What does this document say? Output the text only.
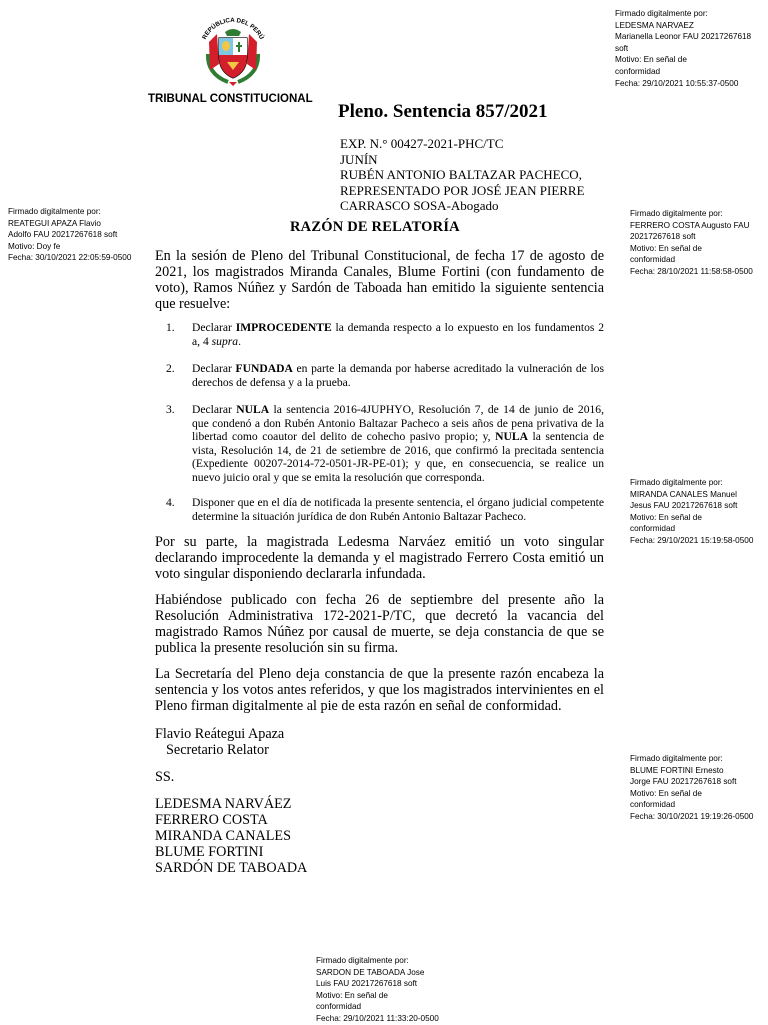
Firmado digitalmente por:
LEDESMA NARVAEZ
Marianella Leonor FAU 20217267618
soft
Motivo: En señal de
conformidad
Fecha: 29/10/2021 10:55:37-0500
Firmado digitalmente por:
REATEGUI APAZA Flavio
Adolfo FAU 20217267618 soft
Motivo: Doy fe
Fecha: 30/10/2021 22:05:59-0500
Firmado digitalmente por:
FERRERO COSTA Augusto FAU
20217267618 soft
Motivo: En señal de
conformidad
Fecha: 28/10/2021 11:58:58-0500
Firmado digitalmente por:
MIRANDA CANALES Manuel
Jesus FAU 20217267618 soft
Motivo: En señal de
conformidad
Fecha: 29/10/2021 15:19:58-0500
Firmado digitalmente por:
BLUME FORTINI Ernesto
Jorge FAU 20217267618 soft
Motivo: En señal de
conformidad
Fecha: 30/10/2021 19:19:26-0500
Firmado digitalmente por:
SARDON DE TABOADA Jose
Luis FAU 20217267618 soft
Motivo: En señal de
conformidad
Fecha: 29/10/2021 11:33:20-0500
REPÚBLICA DEL PERÚ
TRIBUNAL CONSTITUCIONAL
Pleno. Sentencia 857/2021
EXP. N.° 00427-2021-PHC/TC
JUNÍN
RUBÉN ANTONIO BALTAZAR PACHECO,
REPRESENTADO POR JOSÉ JEAN PIERRE
CARRASCO SOSA-Abogado
RAZÓN DE RELATORÍA
En la sesión de Pleno del Tribunal Constitucional, de fecha 17 de agosto de 2021, los magistrados Miranda Canales, Blume Fortini (con fundamento de voto), Ramos Núñez y Sardón de Taboada han emitido la siguiente sentencia que resuelve:
1. Declarar IMPROCEDENTE la demanda respecto a lo expuesto en los fundamentos 2 a, 4 supra.
2. Declarar FUNDADA en parte la demanda por haberse acreditado la vulneración de los derechos de defensa y a la prueba.
3. Declarar NULA la sentencia 2016-4JUPHYO, Resolución 7, de 14 de junio de 2016, que condenó a don Rubén Antonio Baltazar Pacheco a seis años de pena privativa de la libertad como coautor del delito de cohecho pasivo propio; y, NULA la sentencia de vista, Resolución 14, de 21 de setiembre de 2016, que confirmó la precitada sentencia (Expediente 00207-2014-72-0501-JR-PE-01); y que, en consecuencia, se realice un nuevo juicio oral y que se emita la resolución que corresponda.
4. Disponer que en el día de notificada la presente sentencia, el órgano judicial competente determine la situación jurídica de don Rubén Antonio Baltazar Pacheco.
Por su parte, la magistrada Ledesma Narváez emitió un voto singular declarando improcedente la demanda y el magistrado Ferrero Costa emitió un voto singular disponiendo declararla infundada.
Habiéndose publicado con fecha 26 de septiembre del presente año la Resolución Administrativa 172-2021-P/TC, que decretó la vacancia del magistrado Ramos Núñez por causal de muerte, se deja constancia de que se publica la presente resolución sin su firma.
La Secretaría del Pleno deja constancia de que la presente razón encabeza la sentencia y los votos antes referidos, y que los magistrados intervinientes en el Pleno firman digitalmente al pie de esta razón en señal de conformidad.
Flavio Reátegui Apaza
Secretario Relator
SS.
LEDESMA NARVÁEZ
FERRERO COSTA
MIRANDA CANALES
BLUME FORTINI
SARDÓN DE TABOADA
